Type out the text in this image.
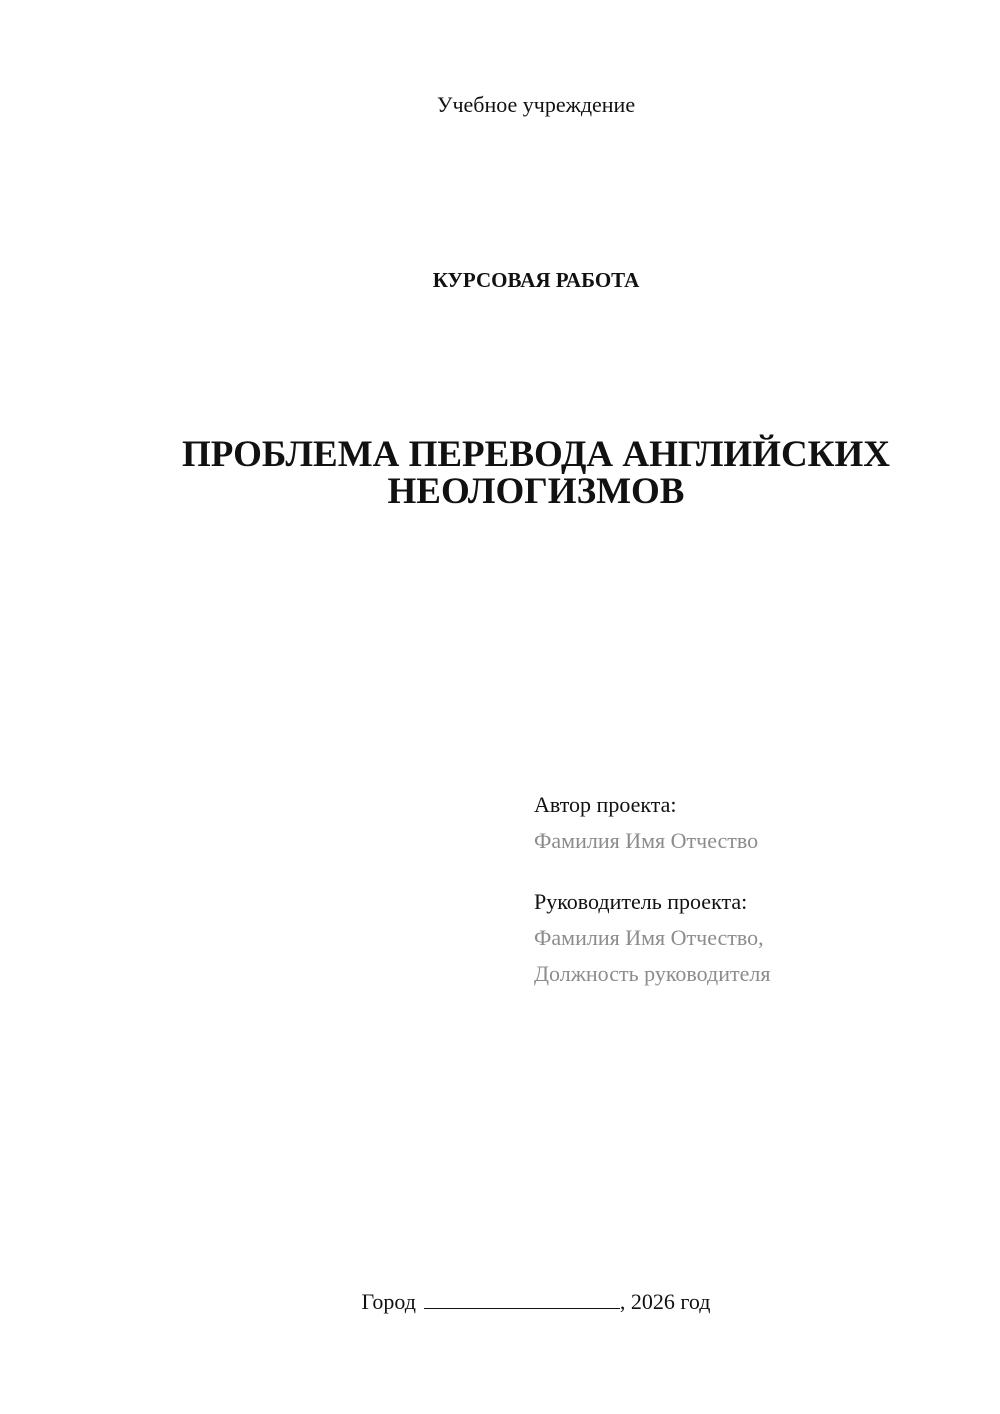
Учебное учреждение
КУРСОВАЯ РАБОТА
ПРОБЛЕМА ПЕРЕВОДА АНГЛИЙСКИХ
НЕОЛОГИЗМОВ
Автор проекта:
Фамилия Имя Отчество
Руководитель проекта:
Фамилия Имя Отчество,
Должность руководителя
Город	, 2026 год
